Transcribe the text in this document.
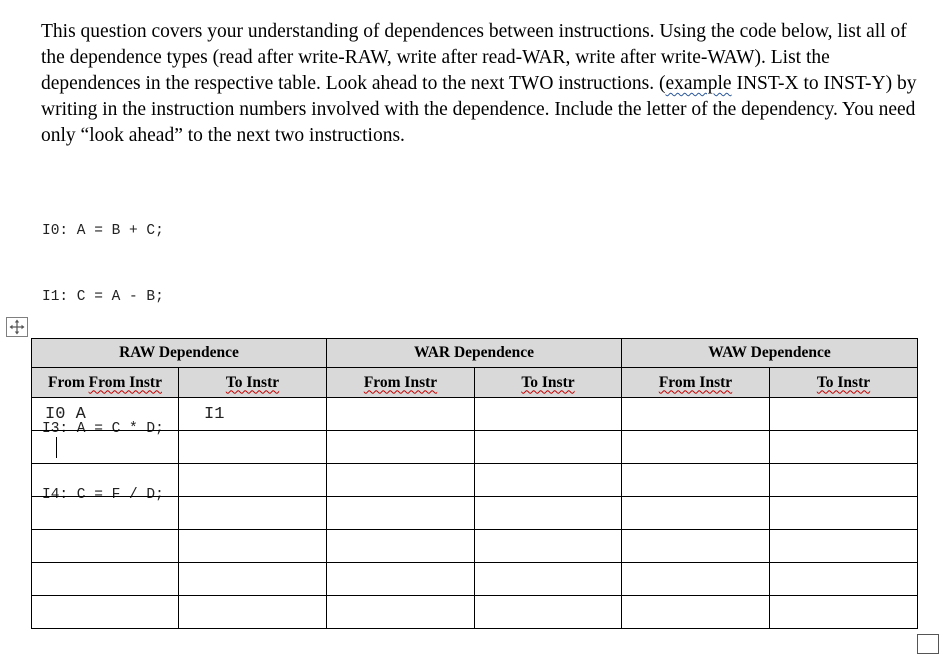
This question covers your understanding of dependences between instructions. Using the code below, list all of the dependence types (read after write-RAW, write after read-WAR, write after write-WAW). List the dependences in the respective table. Look ahead to the next TWO instructions. (example INST-X to INST-Y) by writing in the instruction numbers involved with the dependence. Include the letter of the dependency. You need only “look ahead” to the next two instructions.

I0: A = B + C;

I1: C = A - B;

I3: A = C * D;

I4: C = F / D;

RAW Dependence		WAR Dependence		WAW Dependence	
From From Instr	To Instr	From Instr	To Instr	From Instr	To Instr
I0 A	I1				
